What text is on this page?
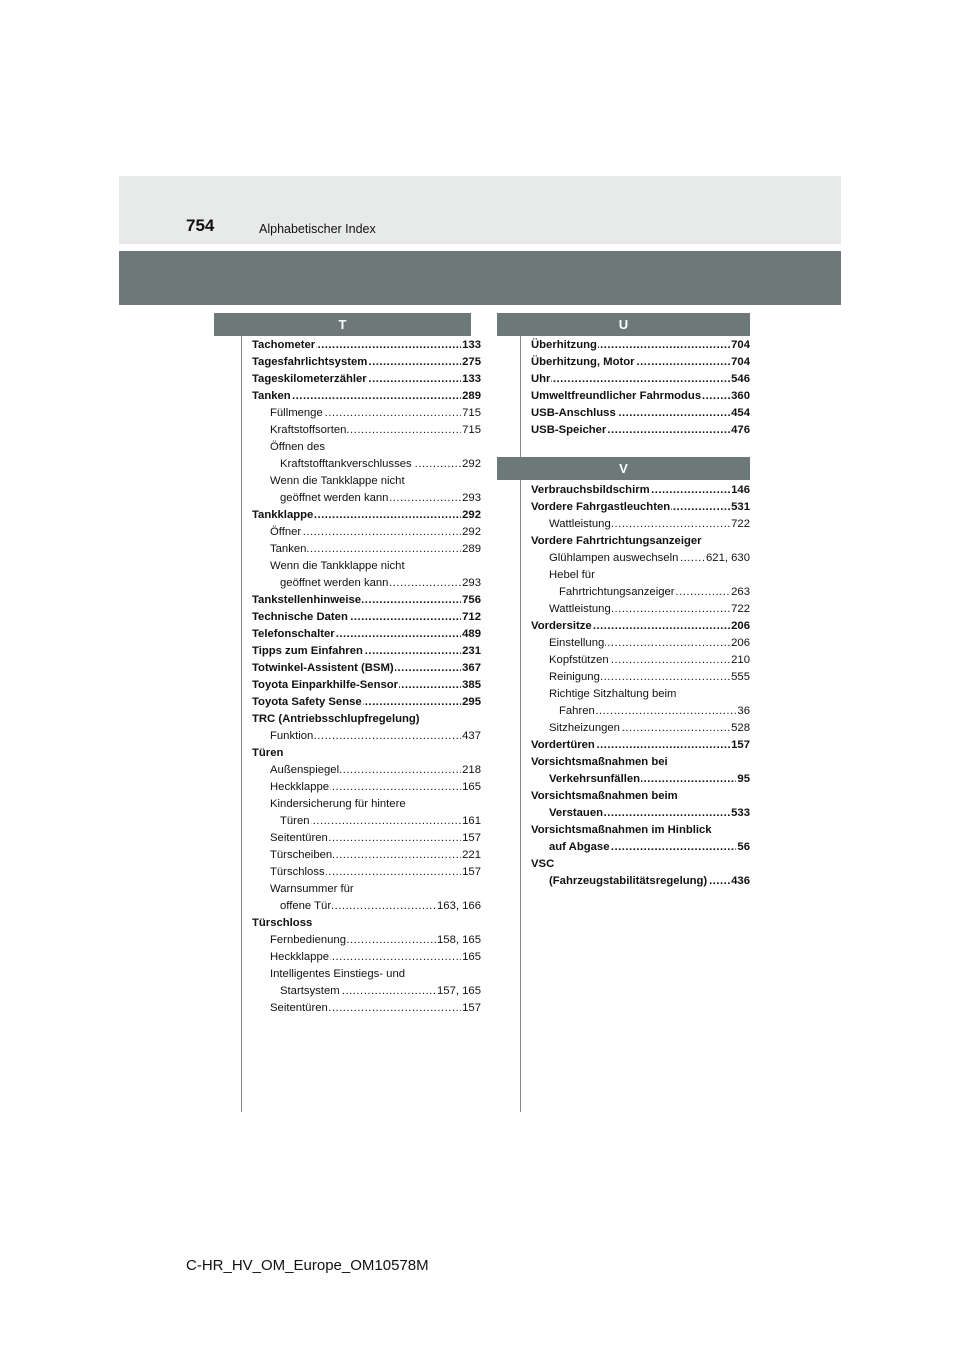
754	Alphabetischer Index
T
Tachometer	133
.....
Tagesfahrlichtsystem	275
.....
Tageskilometerzähler	133
.....
Tanken	289
.....
Füllmenge	715
.....
Kraftstoffsorten	715
.....
Öffnen des
Kraftstofftankverschlusses	292
.....
Wenn die Tankklappe nicht
geöffnet werden kann	293
.....
Tankklappe	292
.....
Öffner	292
.....
Tanken	289
.....
Wenn die Tankklappe nicht
geöffnet werden kann	293
.....
Tankstellenhinweise	756
.....
Technische Daten	712
.....
Telefonschalter	489
.....
Tipps zum Einfahren	231
.....
Totwinkel-Assistent (BSM)	367
.....
Toyota Einparkhilfe-Sensor	385
.....
Toyota Safety Sense	295
.....
TRC (Antriebsschlupfregelung)
Funktion	437
.....
Türen
Außenspiegel	218
.....
Heckklappe	165
.....
Kindersicherung für hintere
Türen	161
.....
Seitentüren	157
.....
Türscheiben	221
.....
Türschloss	157
.....
Warnsummer für
offene Tür	163, 166
.....
Türschloss
Fernbedienung	158, 165
.....
Heckklappe	165
.....
Intelligentes Einstiegs- und
Startsystem	157, 165
.....
Seitentüren	157
.....
U
Überhitzung	704
.....
Überhitzung, Motor	704
.....
Uhr	546
.....
Umweltfreundlicher Fahrmodus	360
.....
USB-Anschluss	454
.....
USB-Speicher	476
.....
V
Verbrauchsbildschirm	146
.....
Vordere Fahrgastleuchten	531
.....
Wattleistung	722
.....
Vordere Fahrtrichtungsanzeiger
Glühlampen auswechseln 621, 630
.....
Hebel für
Fahrtrichtungsanzeiger	263
.....
Wattleistung	722
.....
Vordersitze	206
.....
Einstellung	206
.....
Kopfstützen	210
.....
Reinigung	555
.....
Richtige Sitzhaltung beim
Fahren	36
.....
Sitzheizungen	528
.....
Vordertüren	157
.....
Vorsichtsmaßnahmen bei
Verkehrsunfällen	95
.....
Vorsichtsmaßnahmen beim
Verstauen	533
.....
Vorsichtsmaßnahmen im Hinblick
auf Abgase	56
.....
VSC
(Fahrzeugstabilitätsregelung) 436
.....
C-HR_HV_OM_Europe_OM10578M
